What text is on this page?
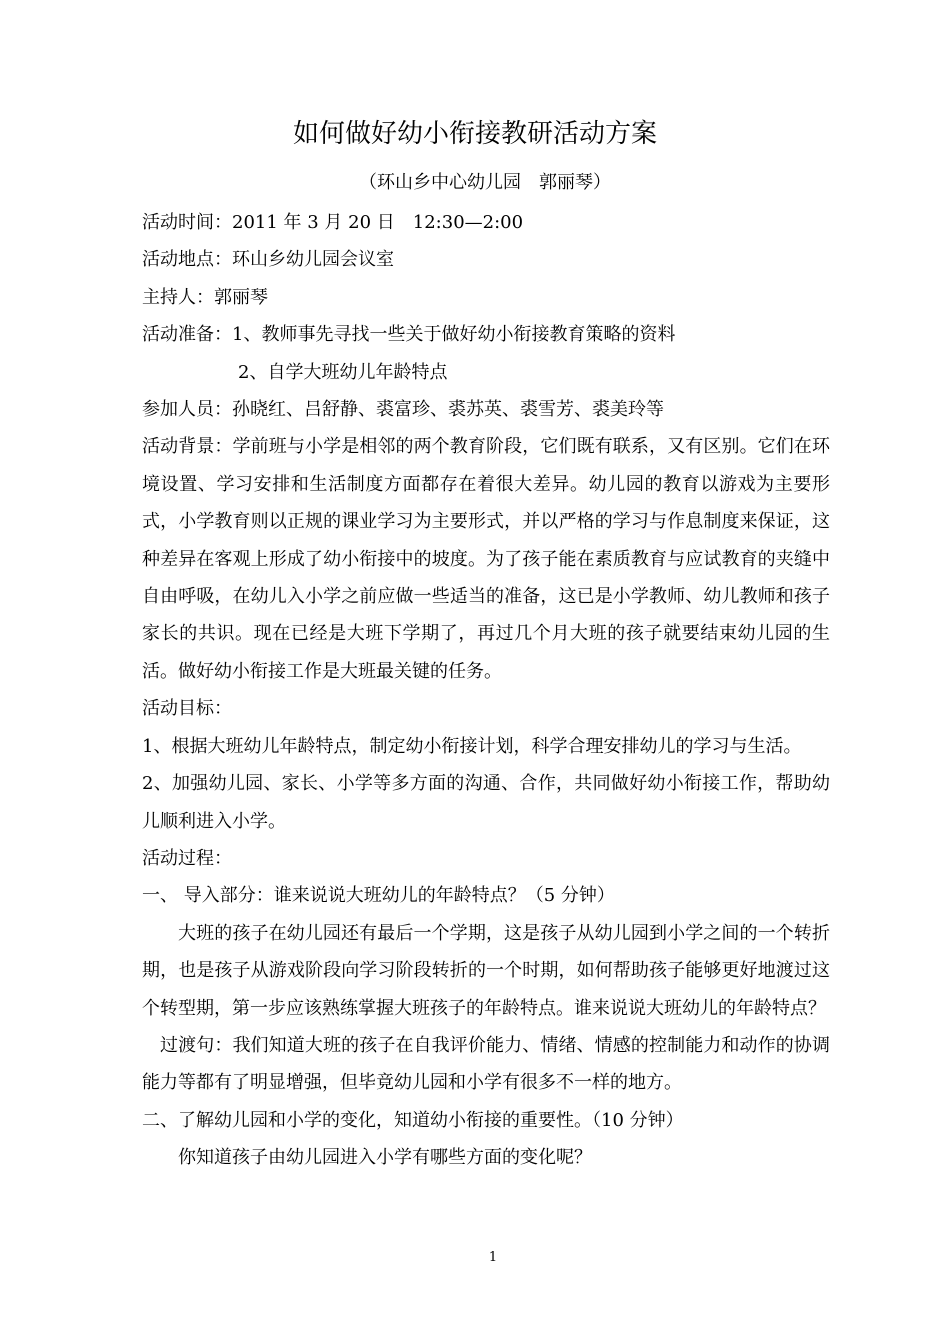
如何做好幼小衔接教研活动方案
（环山乡中心幼儿园　郭丽琴）
活动时间：2011 年 3 月 20 日　12:30—2:00
活动地点：环山乡幼儿园会议室
主持人：郭丽琴
活动准备：1、教师事先寻找一些关于做好幼小衔接教育策略的资料
2、自学大班幼儿年龄特点
参加人员：孙晓红、吕舒静、裘富珍、裘苏英、裘雪芳、裘美玲等
活动背景：学前班与小学是相邻的两个教育阶段，它们既有联系，又有区别。它们在环境设置、学习安排和生活制度方面都存在着很大差异。幼儿园的教育以游戏为主要形式，小学教育则以正规的课业学习为主要形式，并以严格的学习与作息制度来保证，这种差异在客观上形成了幼小衔接中的坡度。为了孩子能在素质教育与应试教育的夹缝中自由呼吸，在幼儿入小学之前应做一些适当的准备，这已是小学教师、幼儿教师和孩子家长的共识。现在已经是大班下学期了，再过几个月大班的孩子就要结束幼儿园的生活。做好幼小衔接工作是大班最关键的任务。
活动目标：
1、根据大班幼儿年龄特点，制定幼小衔接计划，科学合理安排幼儿的学习与生活。
2、加强幼儿园、家长、小学等多方面的沟通、合作，共同做好幼小衔接工作，帮助幼儿顺利进入小学。
活动过程：
一、 导入部分：谁来说说大班幼儿的年龄特点？（5 分钟）
大班的孩子在幼儿园还有最后一个学期，这是孩子从幼儿园到小学之间的一个转折期，也是孩子从游戏阶段向学习阶段转折的一个时期，如何帮助孩子能够更好地渡过这个转型期，第一步应该熟练掌握大班孩子的年龄特点。谁来说说大班幼儿的年龄特点？
过渡句：我们知道大班的孩子在自我评价能力、情绪、情感的控制能力和动作的协调能力等都有了明显增强，但毕竟幼儿园和小学有很多不一样的地方。
二、了解幼儿园和小学的变化，知道幼小衔接的重要性。（10 分钟）
你知道孩子由幼儿园进入小学有哪些方面的变化呢？
1
